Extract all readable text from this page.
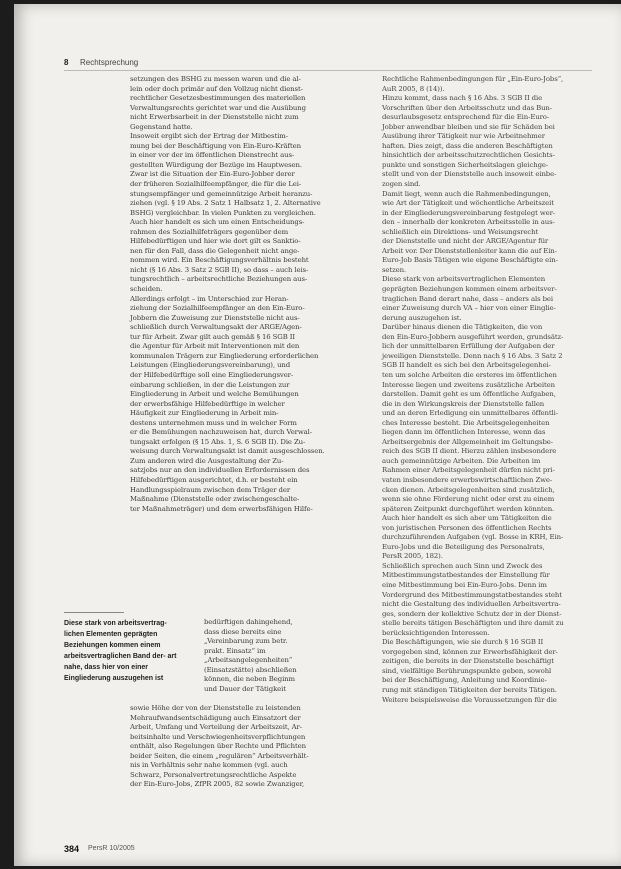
8 Rechtsprechung
setzungen des BSHG zu messen waren und die al-
lein oder doch primär auf den Vollzug nicht dienst-
rechtlicher Gesetzesbestimmungen des materiellen
Verwaltungsrechts gerichtet war und die Ausübung
nicht Erwerbsarbeit in der Dienststelle nicht zum
Gegenstand hatte.
Insoweit ergibt sich der Ertrag der Mitbestim-
mung bei der Beschäftigung von Ein-Euro-Kräften
in einer vor der im öffentlichen Dienstrecht aus-
gestellten Würdigung der Bezüge im Hauptwesen.
Zwar ist die Situation der Ein-Euro-Jobber derer
der früheren Sozialhilfeempfänger, die für die Lei-
stungsempfänger und gemeinnützige Arbeit heranzu-
ziehen (vgl. § 19 Abs. 2 Satz 1 Halbsatz 1, 2. Alternative
BSHG) vergleichbar. In vielen Punkten zu vergleichen.
Auch hier handelt es sich um einen Entscheidungs-
rahmen des Sozialhilfeträgers gegenüber dem
Hilfebedürftigen und hier wie dort gilt es Sanktio-
nen für den Fall, dass die Gelegenheit nicht ange-
nommen wird. Ein Beschäftigungsverhältnis besteht
nicht (§ 16 Abs. 3 Satz 2 SGB II), so dass – auch leis-
tungsrechtlich – arbeitsrechtliche Beziehungen aus-
scheiden.
Allerdings erfolgt – im Unterschied zur Heran-
ziehung der Sozialhilfeempfänger an den Ein-Euro-
Jobbern die Zuweisung zur Dienststelle nicht aus-
schließlich durch Verwaltungsakt der ARGE/Agen-
tur für Arbeit. Zwar gilt auch gemäß § 16 SGB II
die Agentur für Arbeit mit Interventionen mit den
kommunalen Trägern zur Eingliederung erforderlichen
Leistungen (Eingliederungsvereinbarung), und
der Hilfebedürftige soll eine Eingliederungsver-
einbarung schließen, in der die Leistungen zur
Eingliederung in Arbeit und welche Bemühungen
der erwerbsfähige Hilfebedürftige in welcher
Häufigkeit zur Eingliederung in Arbeit min-
destens unternehmen muss und in welcher Form
er die Bemühungen nachzuweisen hat, durch Verwal-
tungsakt erfolgen (§ 15 Abs. 1, S. 6 SGB II). Die Zu-
weisung durch Verwaltungsakt ist damit ausgeschlossen.
Zum anderen wird die Ausgestaltung der Zu-
satzjobs nur an den individuellen Erfordernissen des
Hilfebedürftigen ausgerichtet, d.h. er besteht ein
Handlungsspielraum zwischen dem Träger der
Maßnahme (Dienststelle oder zwischengeschalte-
ter Maßnahmeträger) und dem erwerbsfähigen Hilfe-
Diese stark von arbeitsvertrag- lichen Elementen geprägten Beziehungen kommen einem arbeitsvertraglichen Band der- art nahe, dass hier von einer Eingliederung auszugehen ist
bedürftigen dahingehend,
dass diese bereits eine
„Vereinbarung zum betr.
prakt. Einsatz“ im
„Arbeitsangelegenheiten“
(Einsatzstätte) abschließen
können, die neben Beginm
und Dauer der Tätigkeit
sowie Höhe der von der Dienststelle zu leistenden
Mehraufwandsentschädigung auch Einsatzort der
Arbeit, Umfang und Verteilung der Arbeitszeit, Ar-
beitsinhalte und Verschwiegenheitsverpflichtungen
enthält, also Regelungen über Rechte und Pflichten
beider Seiten, die einem „regulären“ Arbeitsverhält-
nis in Verhältnis sehr nahe kommen (vgl. auch
Schwarz, Personalvertretungsrechtliche Aspekte
der Ein-Euro-Jobs, ZfPR 2005, 82 sowie Zwanziger,
Rechtliche Rahmenbedingungen für „Ein-Euro-Jobs“,
AuR 2005, 8 (14)).
Hinzu kommt, dass nach § 16 Abs. 3 SGB II die
Vorschriften über den Arbeitsschutz und das Bun-
desurlaubsgesetz entsprechend für die Ein-Euro-
Jobber anwendbar bleiben und sie für Schäden bei
Ausübung ihrer Tätigkeit nur wie Arbeitnehmer
haften. Dies zeigt, dass die anderen Beschäftigten
hinsichtlich der arbeitsschutzrechtlichen Gesichts-
punkte und sonstigen Sicherheitslagen gleichge-
stellt und von der Dienststelle auch insoweit einbe-
zogen sind.
Damit liegt, wenn auch die Rahmenbedingungen,
wie Art der Tätigkeit und wöchentliche Arbeitszeit
in der Eingliederungsvereinbarung festgelegt wer-
den – innerhalb der konkreten Arbeitsstelle in aus-
schließlich ein Direktions- und Weisungsrecht
der Dienststelle und nicht der ARGE/Agentur für
Arbeit vor. Der Dienststellenleiter kann die auf Ein-
Euro-Job Basis Tätigen wie eigene Beschäftigte ein-
setzen.
Diese stark von arbeitsvertraglichen Elementen
geprägten Beziehungen kommen einem arbeitsver-
traglichen Band derart nahe, dass – anders als bei
einer Zuweisung durch VA – hier von einer Einglie-
derung auszugehen ist.
Darüber hinaus dienen die Tätigkeiten, die von
den Ein-Euro-Jobbern ausgeführt werden, grundsätz-
lich der unmittelbaren Erfüllung der Aufgaben der
jeweiligen Dienststelle. Denn nach § 16 Abs. 3 Satz 2
SGB II handelt es sich bei den Arbeitsgelegenhei-
ten um solche Arbeiten die ersteres im öffentlichen
Interesse liegen und zweitens zusätzliche Arbeiten
darstellen. Damit geht es um öffentliche Aufgaben,
die in den Wirkungskreis der Dienststelle fallen
und an deren Erledigung ein unmittelbares öffentli-
ches Interesse besteht. Die Arbeitsgelegenheiten
liegen dann im öffentlichen Interesse, wenn das
Arbeitsergebnis der Allgemeinheit im Geltungsbe-
reich des SGB II dient. Hierzu zählen insbesondere
auch gemeinnützige Arbeiten. Die Arbeiten im
Rahmen einer Arbeitsgelegenheit dürfen nicht pri-
vaten insbesondere erwerbswirtschaftlichen Zwe-
cken dienen. Arbeitsgelegenheiten sind zusätzlich,
wenn sie ohne Förderung nicht oder erst zu einem
späteren Zeitpunkt durchgeführt werden könnten.
Auch hier handelt es sich aber um Tätigkeiten die
von juristischen Personen des öffentlichen Rechts
durchzuführenden Aufgaben (vgl. Bosse in KRH, Ein-
Euro-Jobs und die Beteiligung des Personalrats,
PersR 2005, 182).
Schließlich sprechen auch Sinn und Zweck des
Mitbestimmungstatbestandes der Einstellung für
eine Mitbestimmung bei Ein-Euro-Jobs. Denn im
Vordergrund des Mitbestimmungstatbestandes steht
nicht die Gestaltung des individuellen Arbeitsvertra-
ges, sondern der kollektive Schutz der in der Dienst-
stelle bereits tätigen Beschäftigten und ihre damit zu
berücksichtigenden Interessen.
Die Beschäftigungen, wie sie durch § 16 SGB II
vorgegeben sind, können zur Erwerbsfähigkeit der-
zeitigen, die bereits in der Dienststelle beschäftigt
sind, vielfältige Berührungspunkte geben, sowohl
bei der Beschäftigung, Anleitung und Koordinie-
rung mit ständigen Tätigkeiten der bereits Tätigen.
Weitere beispielsweise die Voraussetzungen für die
384 PersR 10/2005
